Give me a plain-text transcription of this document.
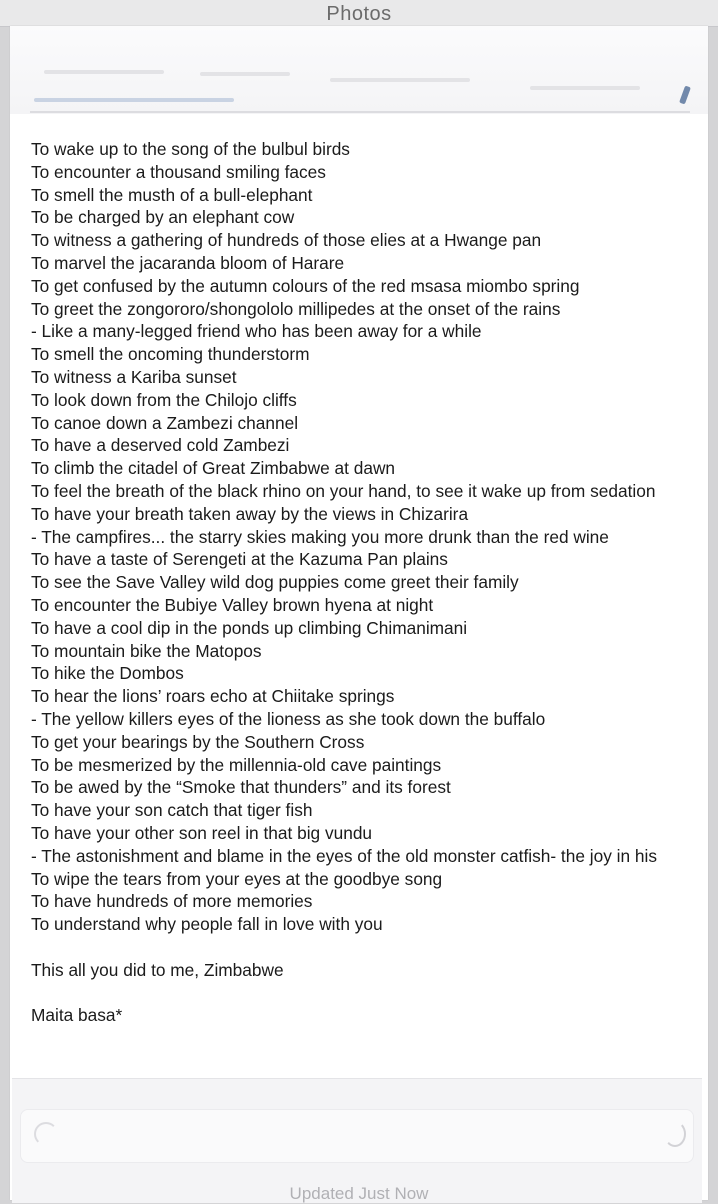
Photos
To wake up to the song of the bulbul birds
To encounter a thousand smiling faces
To smell the musth of a bull-elephant
To be charged by an elephant cow
To witness a gathering of hundreds of those elies at a Hwange pan
To marvel the jacaranda bloom of Harare
To get confused by the autumn colours of the red msasa miombo spring
To greet the zongororo/shongololo millipedes at the onset of the rains
- Like a many-legged friend who has been away for a while
To smell the oncoming thunderstorm
To witness a Kariba sunset
To look down from the Chilojo cliffs
To canoe down a Zambezi channel
To have a deserved cold Zambezi
To climb the citadel of Great Zimbabwe at dawn
To feel the breath of the black rhino on your hand, to see it wake up from sedation
To have your breath taken away by the views in Chizarira
- The campfires... the starry skies making you more drunk than the red wine
To have a taste of Serengeti at the Kazuma Pan plains
To see the Save Valley wild dog puppies come greet their family
To encounter the Bubiye Valley brown hyena at night
To have a cool dip in the ponds up climbing Chimanimani
To mountain bike the Matopos
To hike the Dombos
To hear the lions’ roars echo at Chiitake springs
- The yellow killers eyes of the lioness as she took down the buffalo
To get your bearings by the Southern Cross
To be mesmerized by the millennia-old cave paintings
To be awed by the “Smoke that thunders” and its forest
To have your son catch that tiger fish
To have your other son reel in that big vundu
- The astonishment and blame in the eyes of the old monster catfish- the joy in his
To wipe the tears from your eyes at the goodbye song
To have hundreds of more memories
To understand why people fall in love with you
This all you did to me, Zimbabwe
Maita basa*
Updated Just Now
